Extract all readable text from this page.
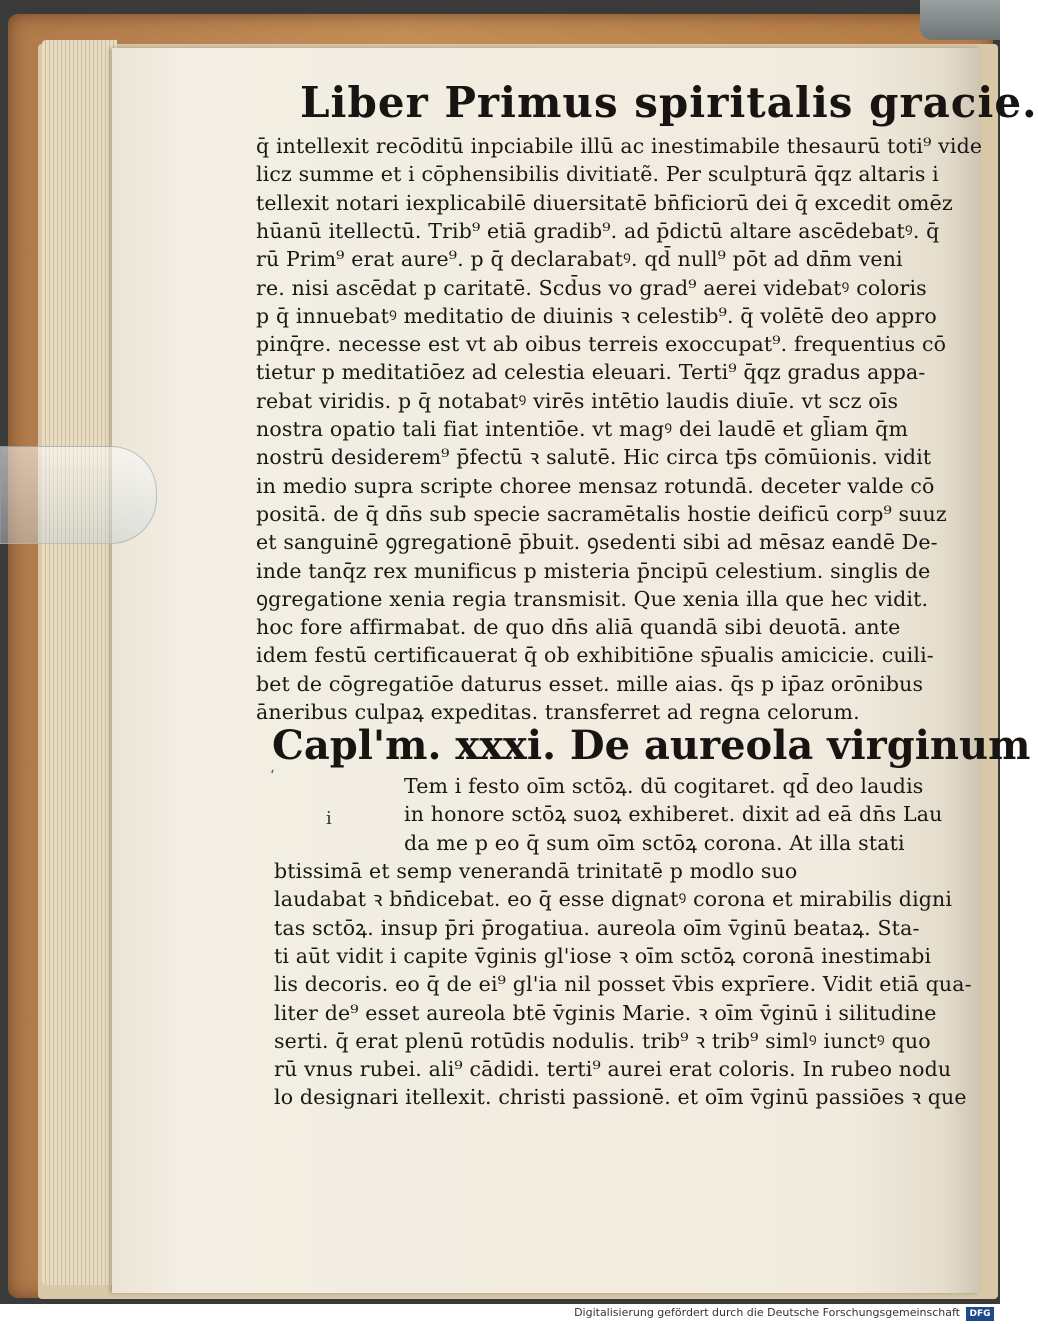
Liber Primus spiritalis gracie.
q̄ intellexit recōditū inpciabile illū ac inestimabile thesaurū toti⁹ vide
licz summe et i cōphensibilis divitiatẽ. Per sculpturā q̄qz altaris i
tellexit notari iexplicabilē diuersitatē bn̄ficiorū dei q̄ excedit omēz
hūanū itellectū. Trib⁹ etiā gradib⁹. ad p̄dictū altare ascēdebatꝰ. q̄
rū Prim⁹ erat aure⁹. p q̄ declarabatꝰ. qd̄ null⁹ pōt ad dn̄m veni
re. nisi ascēdat p caritatē. Scd̄us vo grad⁹ aerei videbatꝰ coloris
p q̄ innuebatꝰ meditatio de diuinis ꝛ celestib⁹. q̄ volētē deo appro
pinq̄re. necesse est vt ab oibus terreis exoccupat⁹. frequentius cō
tietur p meditatiōez ad celestia eleuari. Terti⁹ q̄qz gradus appa-
rebat viridis. p q̄ notabatꝰ virēs intētio laudis diuīe. vt scz oīs
nostra opatio tali fiat intentiōe. vt magꝰ dei laudē et gl̄iam q̄m
nostrū desiderem⁹ p̄fectū ꝛ salutē. Hic circa tp̄s cōmūionis. vidit
in medio supra scripte choree mensaz rotundā. deceter valde cō
positā. de q̄ dn̄s sub specie sacramētalis hostie deificū corp⁹ suuz
et sanguinē ꝯgregationē p̄buit. ꝯsedenti sibi ad mēsaz eandē De-
inde tanq̄z rex munificus p misteria p̄ncipū celestium. singlis de
ꝯgregatione xenia regia transmisit. Que xenia illa que hec vidit.
hoc fore affirmabat. de quo dn̄s aliā quandā sibi deuotā. ante
idem festū certificauerat q̄ ob exhibitiōne sp̄ualis amicicie. cuili-
bet de cōgregatiōe daturus esset. mille aias. q̄s p ip̄az orōnibus
āneribus culpaꝝ expeditas. transferret ad regna celorum.
Capl'm. xxxi. De aureola virginum
‘
i
Tem i festo oīm sctōꝝ. dū cogitaret. qd̄ deo laudis
in honore sctōꝝ suoꝝ exhiberet. dixit ad eā dn̄s Lau
da me p eo q̄ sum oīm sctōꝝ corona. At illa stati
btissimā et semp venerandā trinitatē p modlo suo
laudabat ꝛ bn̄dicebat. eo q̄ esse dignatꝰ corona et mirabilis digni
tas sctōꝝ. insup p̄ri p̄rogatiua. aureola oīm v̄ginū beataꝝ. Sta-
ti aūt vidit i capite v̄ginis gl'iose ꝛ oīm sctōꝝ coronā inestimabi
lis decoris. eo q̄ de ei⁹ gl'ia nil posset v̄bis exprīere. Vidit etiā qua-
liter de⁹ esset aureola btē v̄ginis Marie. ꝛ oīm v̄ginū i silitudine
serti. q̄ erat plenū rotūdis nodulis. trib⁹ ꝛ trib⁹ simlꝰ iunctꝰ quo
rū vnus rubei. ali⁹ cādidi. terti⁹ aurei erat coloris. In rubeo nodu
lo designari itellexit. christi passionē. et oīm v̄ginū passiōes ꝛ que
Digitalisierung gefördert durch die Deutsche Forschungsgemeinschaft	DFG
